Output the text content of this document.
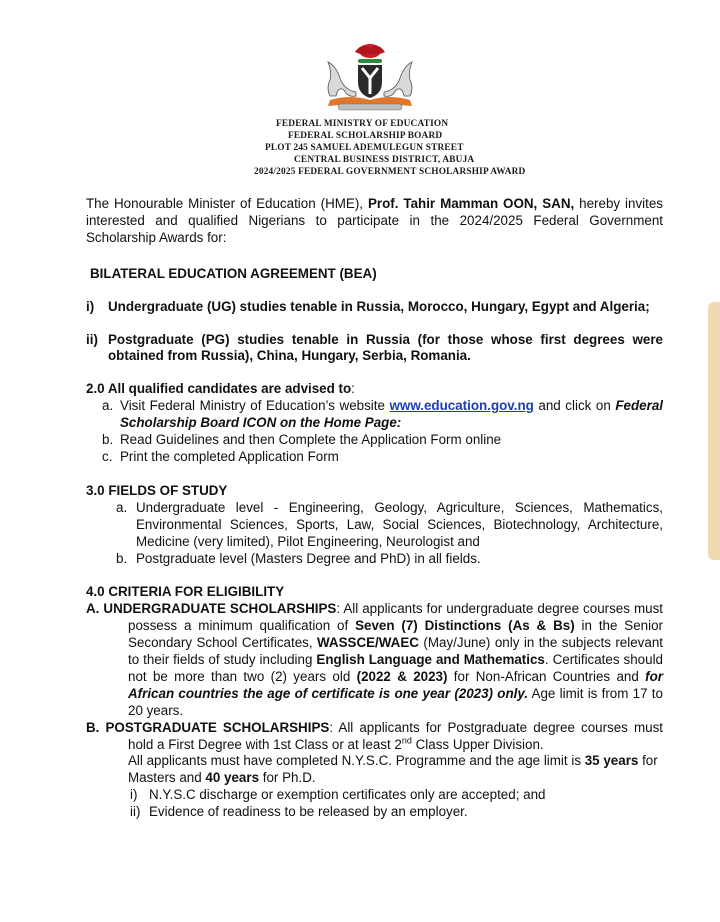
FEDERAL MINISTRY OF EDUCATION
FEDERAL SCHOLARSHIP BOARD
PLOT 245 SAMUEL ADEMULEGUN STREET
CENTRAL BUSINESS DISTRICT, ABUJA
2024/2025 FEDERAL GOVERNMENT SCHOLARSHIP AWARD

The Honourable Minister of Education (HME), Prof. Tahir Mamman OON, SAN, hereby invites interested and qualified Nigerians to participate in the 2024/2025 Federal Government Scholarship Awards for:

BILATERAL EDUCATION AGREEMENT (BEA)
i)	Undergraduate (UG) studies tenable in Russia, Morocco, Hungary, Egypt and Algeria;
ii) Postgraduate (PG) studies tenable in Russia (for those whose first degrees were obtained from Russia), China, Hungary, Serbia, Romania.
2.0 All qualified candidates are advised to:
a. Visit Federal Ministry of Education’s website www.education.gov.ng and click on Federal Scholarship Board ICON on the Home Page:
b. Read Guidelines and then Complete the Application Form online
c. Print the completed Application Form
3.0 FIELDS OF STUDY
a. Undergraduate level - Engineering, Geology, Agriculture, Sciences, Mathematics, Environmental Sciences, Sports, Law, Social Sciences, Biotechnology, Architecture, Medicine (very limited), Pilot Engineering, Neurologist and
b. Postgraduate level (Masters Degree and PhD) in all fields.
4.0 CRITERIA FOR ELIGIBILITY
A. UNDERGRADUATE SCHOLARSHIPS: All applicants for undergraduate degree courses must possess a minimum qualification of Seven (7) Distinctions (As & Bs) in the Senior Secondary School Certificates, WASSCE/WAEC (May/June) only in the subjects relevant to their fields of study including English Language and Mathematics. Certificates should not be more than two (2) years old (2022 & 2023) for Non-African Countries and for African countries the age of certificate is one year (2023) only. Age limit is from 17 to 20 years.
B. POSTGRADUATE SCHOLARSHIPS: All applicants for Postgraduate degree courses must hold a First Degree with 1st Class or at least 2nd Class Upper Division.
All applicants must have completed N.Y.S.C. Programme and the age limit is 35 years for Masters and 40 years for Ph.D.
i) N.Y.S.C discharge or exemption certificates only are accepted; and
ii) Evidence of readiness to be released by an employer.
